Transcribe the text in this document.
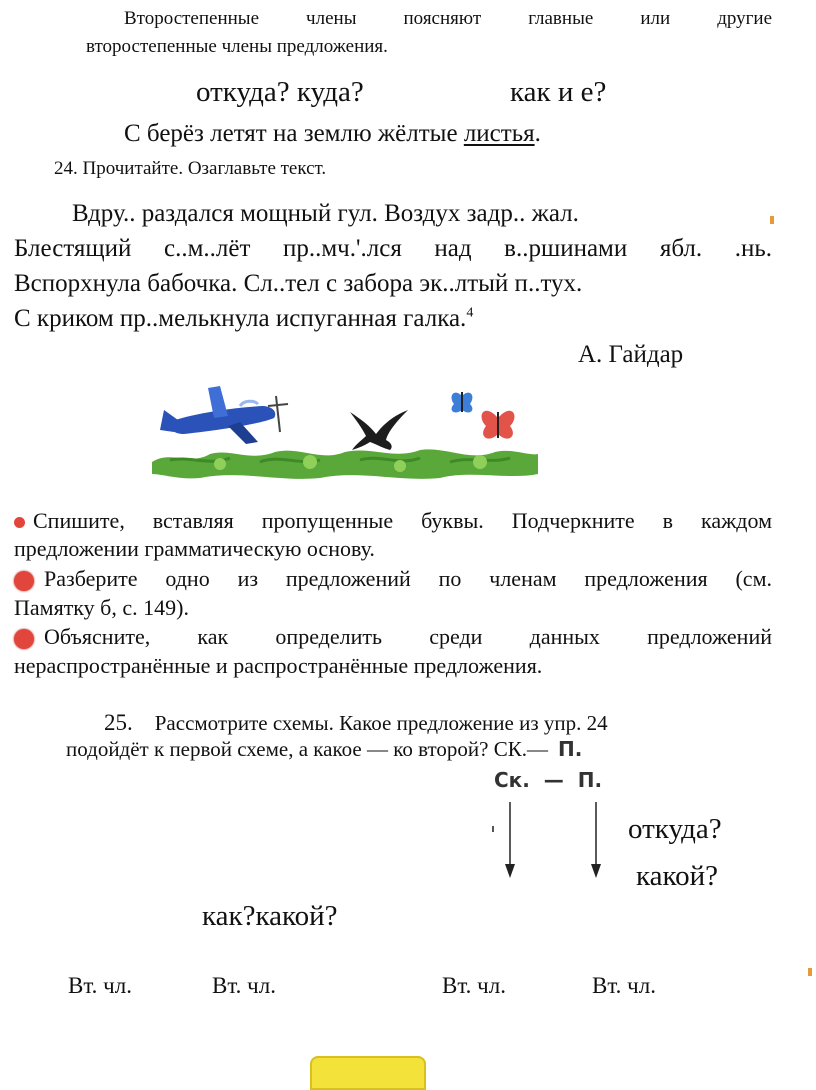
Второстепенные члены поясняют главные или другие
второстепенные члены предложения.
откуда? куда?	как и е?
С берёз летят на землю жёлтые листья.
24. Прочитайте. Озаглавьте текст.
Вдру.. раздался мощный гул. Воздух задр.. жал.
Блестящий с..м..лёт пр..мч.'.лся над в..ршинами ябл. .нь.
Вспорхнула бабочка. Сл..тел с забора эк..лтый п..тух.
С криком пр..мелькнула испуганная галка.$^4$
А. Гайдар
Спишите, вставляя пропущенные буквы. Подчеркните в каждом
предложении грамматическую основу.
Разберите одно из предложений по членам предложения (см.
Памятку б, с. 149).
Объясните, как определить среди данных предложений
нераспространённые и распространённые предложения.
25. Рассмотрите схемы. Какое предложение из упр. 24
подойдёт к первой схеме, а какое — ко второй? СК.— П.
Ск.  —  П.
откуда?
какой?
как?какой?
Вт. чл.	Вт. чл.	Вт. чл.	Вт. чл.
